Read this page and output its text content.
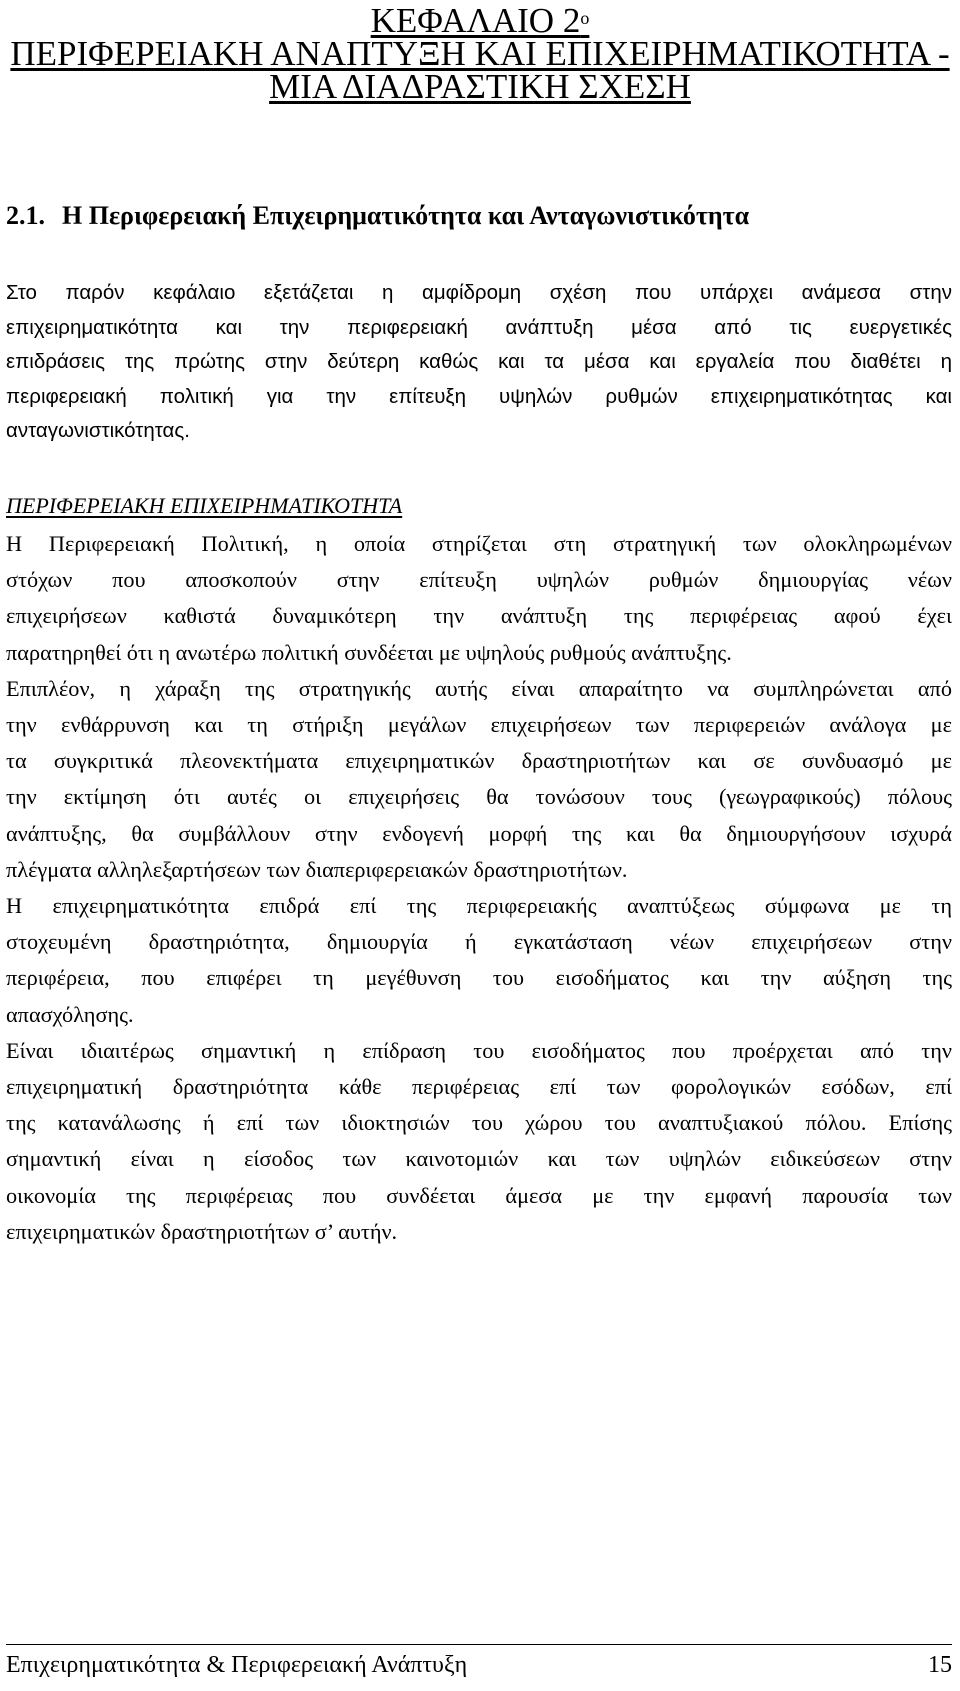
ΚΕΦΑΛΑΙΟ $2^o$
ΠΕΡΙΦΕΡΕΙΑΚΗ ΑΝΑΠΤΥΞΗ ΚΑΙ ΕΠΙΧΕΙΡΗΜΑΤΙΚΟΤΗΤΑ -
ΜΙΑ ΔΙΑΔΡΑΣΤΙΚΗ ΣΧΕΣΗ
2.1. Η Περιφερειακή Επιχειρηματικότητα και Ανταγωνιστικότητα
Στο παρόν κεφάλαιο εξετάζεται η αμφίδρομη σχέση που υπάρχει ανάμεσα στην
επιχειρηματικότητα και την περιφερειακή ανάπτυξη μέσα από τις ευεργετικές
επιδράσεις της πρώτης στην δεύτερη καθώς και τα μέσα και εργαλεία που διαθέτει η
περιφερειακή πολιτική για την επίτευξη υψηλών ρυθμών επιχειρηματικότητας και
ανταγωνιστικότητας.
ΠΕΡΙΦΕΡΕΙΑΚΗ ΕΠΙΧΕΙΡΗΜΑΤΙΚΟΤΗΤΑ
Η Περιφερειακή Πολιτική, η οποία στηρίζεται στη στρατηγική των ολοκληρωμένων
στόχων που αποσκοπούν στην επίτευξη υψηλών ρυθμών δημιουργίας νέων
επιχειρήσεων καθιστά δυναμικότερη την ανάπτυξη της περιφέρειας αφού έχει
παρατηρηθεί ότι η ανωτέρω πολιτική συνδέεται με υψηλούς ρυθμούς ανάπτυξης.
Επιπλέον, η χάραξη της στρατηγικής αυτής είναι απαραίτητο να συμπληρώνεται από
την ενθάρρυνση και τη στήριξη μεγάλων επιχειρήσεων των περιφερειών ανάλογα με
τα συγκριτικά πλεονεκτήματα επιχειρηματικών δραστηριοτήτων και σε συνδυασμό με
την εκτίμηση ότι αυτές οι επιχειρήσεις θα τονώσουν τους (γεωγραφικούς) πόλους
ανάπτυξης, θα συμβάλλουν στην ενδογενή μορφή της και θα δημιουργήσουν ισχυρά
πλέγματα αλληλεξαρτήσεων των διαπεριφερειακών δραστηριοτήτων.
Η επιχειρηματικότητα επιδρά επί της περιφερειακής αναπτύξεως σύμφωνα με τη
στοχευμένη δραστηριότητα, δημιουργία ή εγκατάσταση νέων επιχειρήσεων στην
περιφέρεια, που επιφέρει τη μεγέθυνση του εισοδήματος και την αύξηση της
απασχόλησης.
Είναι ιδιαιτέρως σημαντική η επίδραση του εισοδήματος που προέρχεται από την
επιχειρηματική δραστηριότητα κάθε περιφέρειας επί των φορολογικών εσόδων, επί
της κατανάλωσης ή επί των ιδιοκτησιών του χώρου του αναπτυξιακού πόλου. Επίσης
σημαντική είναι η είσοδος των καινοτομιών και των υψηλών ειδικεύσεων στην
οικονομία της περιφέρειας που συνδέεται άμεσα με την εμφανή παρουσία των
επιχειρηματικών δραστηριοτήτων σ’ αυτήν.
Επιχειρηματικότητα & Περιφερειακή Ανάπτυξη	15
